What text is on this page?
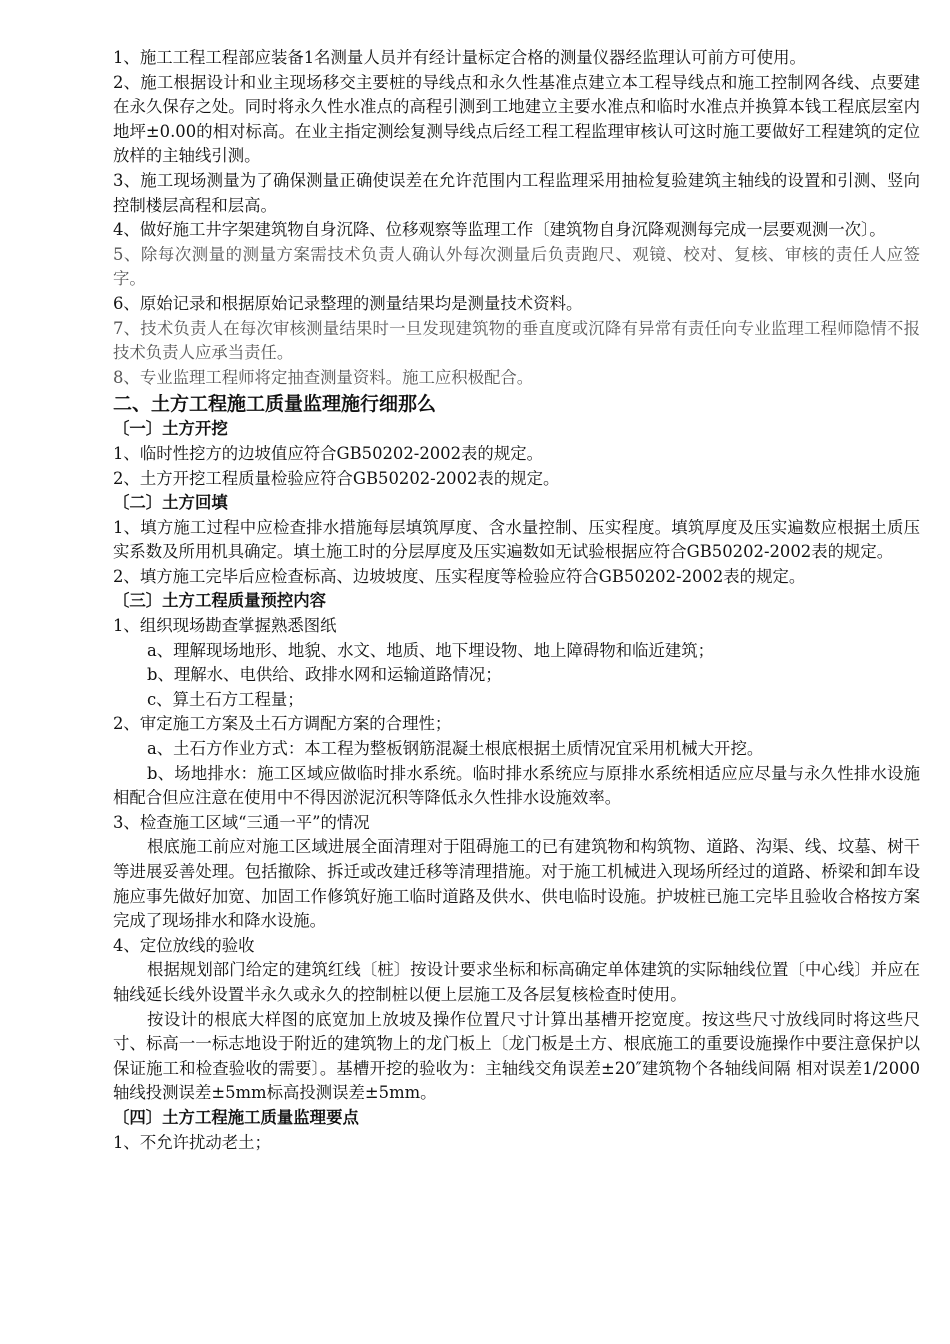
1、施工工程工程部应装备1名测量人员并有经计量标定合格的测量仪器经监理认可前方可使用。

2、施工根据设计和业主现场移交主要桩的导线点和永久性基准点建立本工程导线点和施工控制网各线、点要建在永久保存之处。同时将永久性水准点的高程引测到工地建立主要水准点和临时水准点并换算本钱工程底层室内地坪±0.00的相对标高。在业主指定测绘复测导线点后经工程工程监理审核认可这时施工要做好工程建筑的定位放样的主轴线引测。

3、施工现场测量为了确保测量正确使误差在允许范围内工程监理采用抽检复验建筑主轴线的设置和引测、竖向控制楼层高程和层高。

4、做好施工井字架建筑物自身沉降、位移观察等监理工作〔建筑物自身沉降观测每完成一层要观测一次〕。

5、除每次测量的测量方案需技术负责人确认外每次测量后负责跑尺、观镜、校对、复核、审核的责任人应签字。

6、原始记录和根据原始记录整理的测量结果均是测量技术资料。

7、技术负责人在每次审核测量结果时一旦发现建筑物的垂直度或沉降有异常有责任向专业监理工程师隐情不报技术负责人应承当责任。

8、专业监理工程师将定抽查测量资料。施工应积极配合。

二、土方工程施工质量监理施行细那么
〔一〕土方开挖

1、临时性挖方的边坡值应符合GB50202-2002表的规定。

2、土方开挖工程质量检验应符合GB50202-2002表的规定。

〔二〕土方回填

1、填方施工过程中应检查排水措施每层填筑厚度、含水量控制、压实程度。填筑厚度及压实遍数应根据土质压实系数及所用机具确定。填土施工时的分层厚度及压实遍数如无试验根据应符合GB50202-2002表的规定。

2、填方施工完毕后应检查标高、边坡坡度、压实程度等检验应符合GB50202-2002表的规定。

〔三〕土方工程质量预控内容

1、组织现场勘查掌握熟悉图纸

a、理解现场地形、地貌、水文、地质、地下埋设物、地上障碍物和临近建筑；

b、理解水、电供给、政排水网和运输道路情况；

c、算土石方工程量；

2、审定施工方案及土石方调配方案的合理性；

a、土石方作业方式：本工程为整板钢筋混凝土根底根据土质情况宜采用机械大开挖。

b、场地排水：施工区域应做临时排水系统。临时排水系统应与原排水系统相适应应尽量与永久性排水设施相配合但应注意在使用中不得因淤泥沉积等降低永久性排水设施效率。

3、检查施工区域“三通一平”的情况

根底施工前应对施工区域进展全面清理对于阻碍施工的已有建筑物和构筑物、道路、沟渠、线、坟墓、树干等进展妥善处理。包括撤除、拆迁或改建迁移等清理措施。对于施工机械进入现场所经过的道路、桥梁和卸车设施应事先做好加宽、加固工作修筑好施工临时道路及供水、供电临时设施。护坡桩已施工完毕且验收合格按方案完成了现场排水和降水设施。

4、定位放线的验收

根据规划部门给定的建筑红线〔桩〕按设计要求坐标和标高确定单体建筑的实际轴线位置〔中心线〕并应在轴线延长线外设置半永久或永久的控制桩以便上层施工及各层复核检查时使用。

按设计的根底大样图的底宽加上放坡及操作位置尺寸计算出基槽开挖宽度。按这些尺寸放线同时将这些尺寸、标高一一标志地设于附近的建筑物上的龙门板上〔龙门板是土方、根底施工的重要设施操作中要注意保护以保证施工和检查验收的需要〕。基槽开挖的验收为：主轴线交角误差±20″建筑物个各轴线间隔 相对误差1/2000轴线投测误差±5mm标高投测误差±5mm。

〔四〕土方工程施工质量监理要点

1、不允许扰动老土；
